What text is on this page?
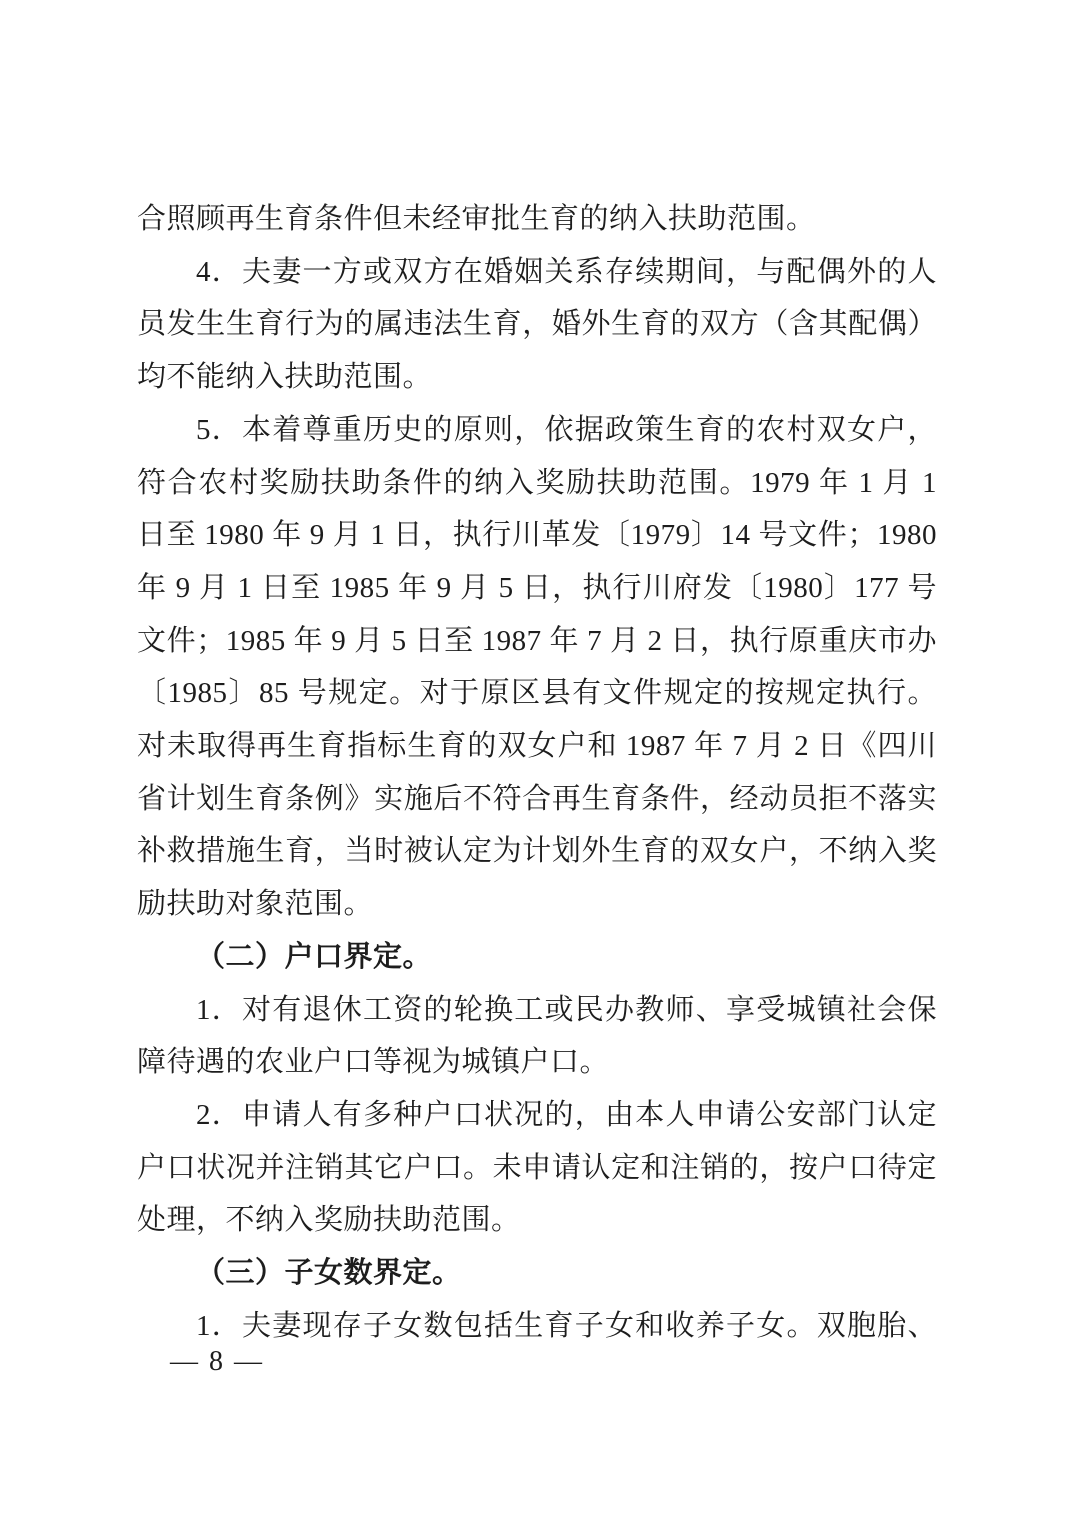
合照顾再生育条件但未经审批生育的纳入扶助范围。

4．夫妻一方或双方在婚姻关系存续期间，与配偶外的人

员发生生育行为的属违法生育，婚外生育的双方（含其配偶）

均不能纳入扶助范围。

5．本着尊重历史的原则，依据政策生育的农村双女户，

符合农村奖励扶助条件的纳入奖励扶助范围。1979 年 1 月 1

日至 1980 年 9 月 1 日，执行川革发〔1979〕14 号文件；1980

年 9 月 1 日至 1985 年 9 月 5 日，执行川府发〔1980〕177 号

文件；1985 年 9 月 5 日至 1987 年 7 月 2 日，执行原重庆市办

〔1985〕85 号规定。对于原区县有文件规定的按规定执行。

对未取得再生育指标生育的双女户和 1987 年 7 月 2 日《四川

省计划生育条例》实施后不符合再生育条件，经动员拒不落实

补救措施生育，当时被认定为计划外生育的双女户，不纳入奖

励扶助对象范围。

（二）户口界定。

1．对有退休工资的轮换工或民办教师、享受城镇社会保

障待遇的农业户口等视为城镇户口。

2．申请人有多种户口状况的，由本人申请公安部门认定

户口状况并注销其它户口。未申请认定和注销的，按户口待定

处理，不纳入奖励扶助范围。

（三）子女数界定。

1．夫妻现存子女数包括生育子女和收养子女。双胞胎、

— 8 —
